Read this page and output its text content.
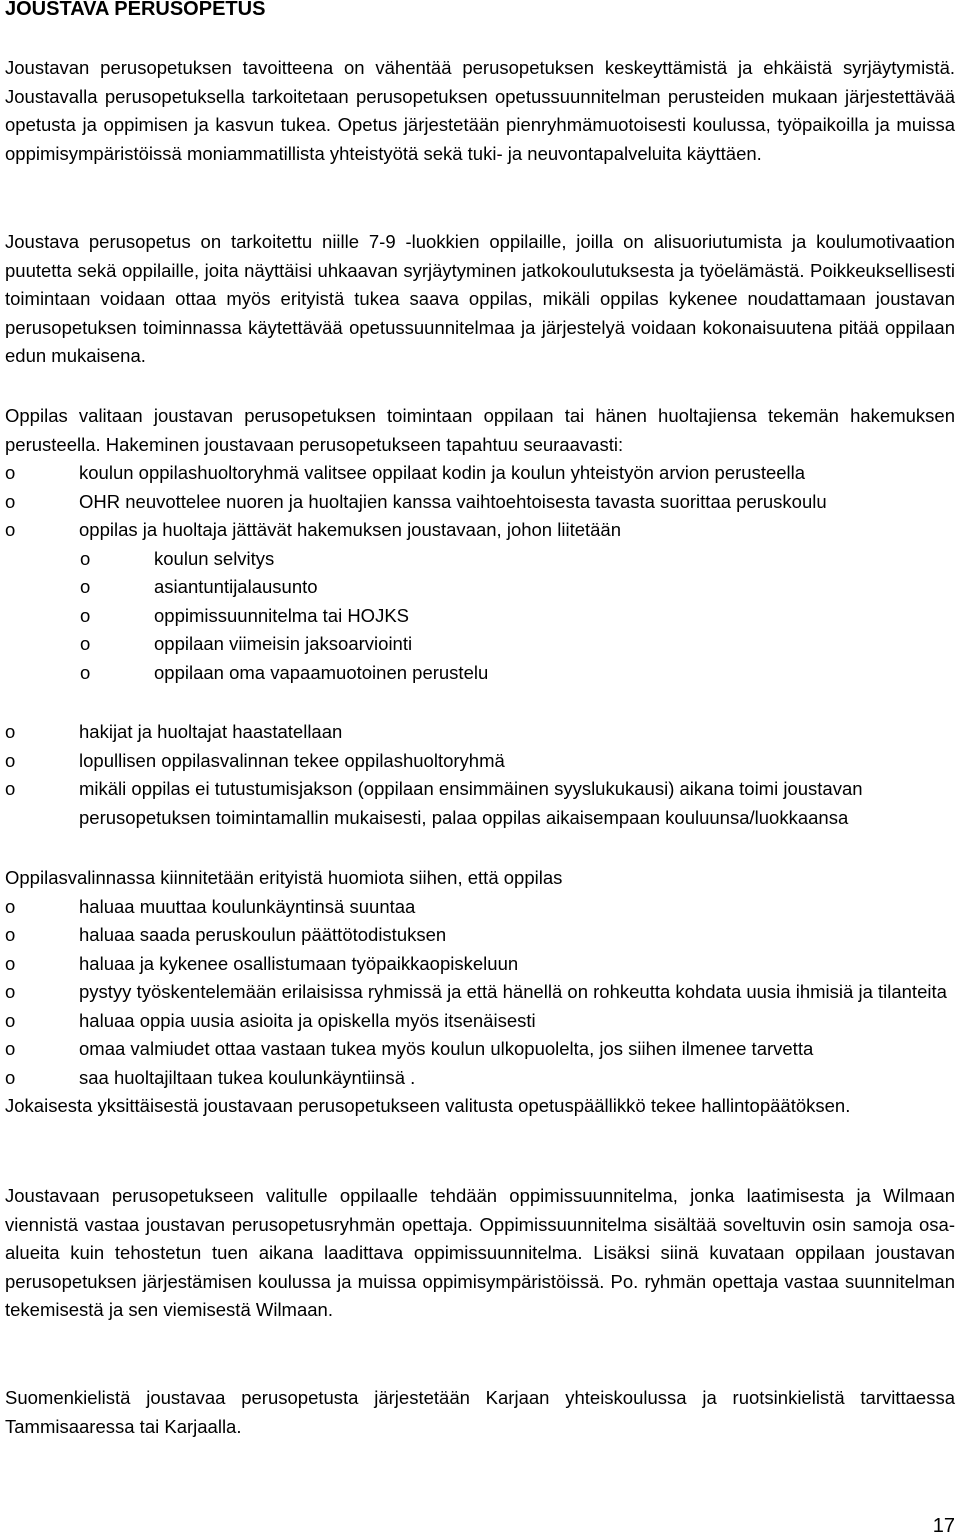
JOUSTAVA PERUSOPETUS

Joustavan perusopetuksen tavoitteena on vähentää perusopetuksen keskeyttämistä ja ehkäistä syrjäytymistä. Joustavalla perusopetuksella tarkoitetaan perusopetuksen opetussuunnitelman perusteiden mukaan järjestettävää opetusta ja oppimisen ja kasvun tukea. Opetus järjestetään pienryhmämuotoisesti koulussa, työpaikoilla ja muissa oppimisympäristöissä moniammatillista yhteistyötä sekä tuki- ja neuvontapalveluita käyttäen.

Joustava perusopetus on tarkoitettu niille 7-9 -luokkien oppilaille, joilla on alisuoriutumista ja koulumotivaation puutetta sekä oppilaille, joita näyttäisi uhkaavan syrjäytyminen jatkokoulutuksesta ja työelämästä. Poikkeuksellisesti toimintaan voidaan ottaa myös erityistä tukea saava oppilas, mikäli oppilas kykenee noudattamaan joustavan perusopetuksen toiminnassa käytettävää opetussuunnitelmaa ja järjestelyä voidaan kokonaisuutena pitää oppilaan edun mukaisena.

Oppilas valitaan joustavan perusopetuksen toimintaan oppilaan tai hänen huoltajiensa tekemän hakemuksen perusteella. Hakeminen joustavaan perusopetukseen tapahtuu seuraavasti:

o	koulun oppilashuoltoryhmä valitsee oppilaat kodin ja koulun yhteistyön arvion perusteella
o	OHR neuvottelee nuoren ja huoltajien kanssa vaihtoehtoisesta tavasta suorittaa peruskoulu
o	oppilas ja huoltaja jättävät hakemuksen joustavaan, johon liitetään
o	koulun selvitys
o	asiantuntijalausunto
o	oppimissuunnitelma tai HOJKS
o	oppilaan viimeisin jaksoarviointi
o	oppilaan oma vapaamuotoinen perustelu
o	hakijat ja huoltajat haastatellaan
o	lopullisen oppilasvalinnan tekee oppilashuoltoryhmä
o	mikäli oppilas ei tutustumisjakson (oppilaan ensimmäinen syyslukukausi) aikana toimi joustavan perusopetuksen toimintamallin mukaisesti, palaa oppilas aikaisempaan kouluunsa/luokkaansa

Oppilasvalinnassa kiinnitetään erityistä huomiota siihen, että oppilas

o	haluaa muuttaa koulunkäyntinsä suuntaa
o	haluaa saada peruskoulun päättötodistuksen
o	haluaa ja kykenee osallistumaan työpaikkaopiskeluun
o	pystyy työskentelemään erilaisissa ryhmissä ja että hänellä on rohkeutta kohdata uusia ihmisiä ja tilanteita
o	haluaa oppia uusia asioita ja opiskella myös itsenäisesti
o	omaa valmiudet ottaa vastaan tukea myös koulun ulkopuolelta, jos siihen ilmenee tarvetta
o	saa huoltajiltaan tukea koulunkäyntiinsä .

Jokaisesta yksittäisestä joustavaan perusopetukseen valitusta opetuspäällikkö tekee hallintopäätöksen.

Joustavaan perusopetukseen valitulle oppilaalle tehdään oppimissuunnitelma, jonka laatimisesta ja Wilmaan viennistä vastaa joustavan perusopetusryhmän opettaja. Oppimissuunnitelma sisältää soveltuvin osin samoja osa-alueita kuin tehostetun tuen aikana laadittava oppimissuunnitelma. Lisäksi siinä kuvataan oppilaan joustavan perusopetuksen järjestämisen koulussa ja muissa oppimisympäristöissä. Po. ryhmän opettaja vastaa suunnitelman tekemisestä ja sen viemisestä Wilmaan.

Suomenkielistä joustavaa perusopetusta järjestetään Karjaan yhteiskoulussa ja ruotsinkielistä tarvittaessa Tammisaaressa tai Karjaalla.

17
